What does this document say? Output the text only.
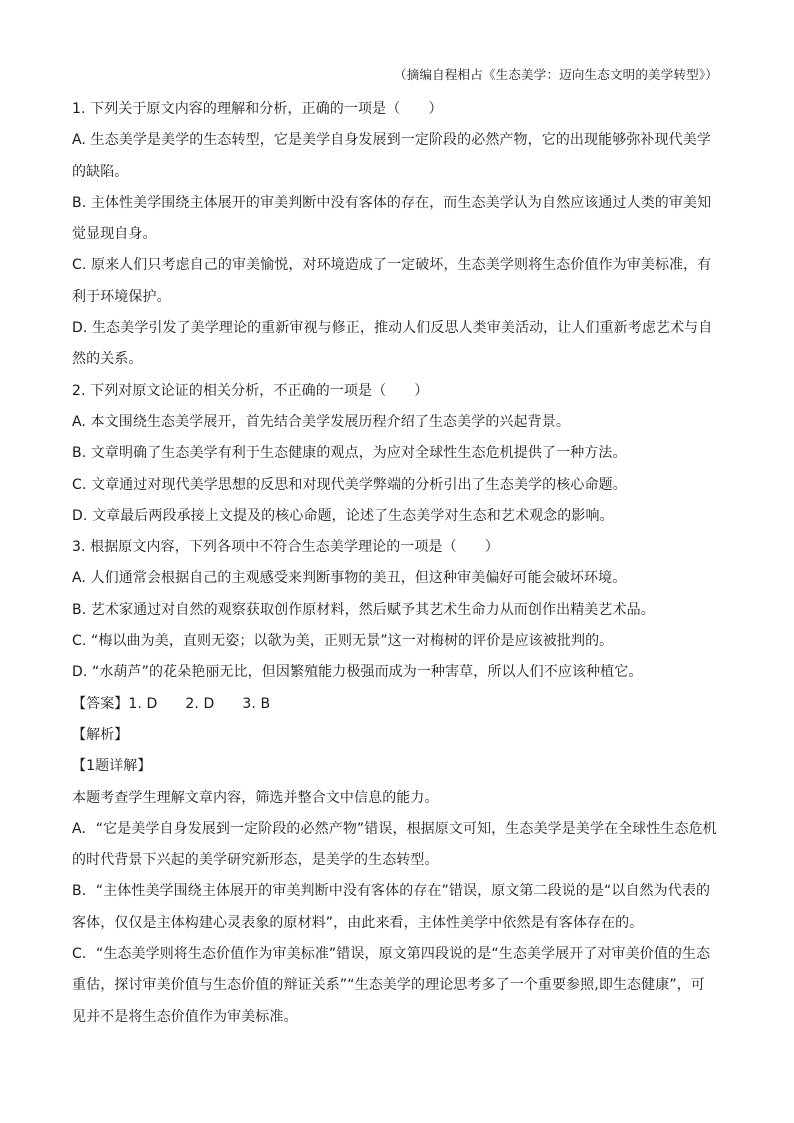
（摘编自程相占《生态美学：迈向生态文明的美学转型》）

1. 下列关于原文内容的理解和分析，正确的一项是（　　）

A. 生态美学是美学的生态转型，它是美学自身发展到一定阶段的必然产物，它的出现能够弥补现代美学

的缺陷。

B. 主体性美学围绕主体展开的审美判断中没有客体的存在，而生态美学认为自然应该通过人类的审美知

觉显现自身。

C. 原来人们只考虑自己的审美愉悦，对环境造成了一定破坏，生态美学则将生态价值作为审美标准，有

利于环境保护。

D. 生态美学引发了美学理论的重新审视与修正，推动人们反思人类审美活动，让人们重新考虑艺术与自

然的关系。

2. 下列对原文论证的相关分析，不正确的一项是（　　）

A. 本文围绕生态美学展开，首先结合美学发展历程介绍了生态美学的兴起背景。

B. 文章明确了生态美学有利于生态健康的观点，为应对全球性生态危机提供了一种方法。

C. 文章通过对现代美学思想的反思和对现代美学弊端的分析引出了生态美学的核心命题。

D. 文章最后两段承接上文提及的核心命题，论述了生态美学对生态和艺术观念的影响。

3. 根据原文内容，下列各项中不符合生态美学理论的一项是（　　）

A. 人们通常会根据自己的主观感受来判断事物的美丑，但这种审美偏好可能会破坏环境。

B. 艺术家通过对自然的观察获取创作原材料，然后赋予其艺术生命力从而创作出精美艺术品。

C. “梅以曲为美，直则无姿；以欹为美，正则无景”这一对梅树的评价是应该被批判的。

D. “水葫芦”的花朵艳丽无比，但因繁殖能力极强而成为一种害草，所以人们不应该种植它。

【答案】1. D 2. D 3. B

【解析】

【1题详解】

本题考查学生理解文章内容，筛选并整合文中信息的能力。

A．“它是美学自身发展到一定阶段的必然产物”错误，根据原文可知，生态美学是美学在全球性生态危机

的时代背景下兴起的美学研究新形态，是美学的生态转型。

B．“主体性美学围绕主体展开的审美判断中没有客体的存在”错误，原文第二段说的是“以自然为代表的

客体，仅仅是主体构建心灵表象的原材料”，由此来看，主体性美学中依然是有客体存在的。

C．“生态美学则将生态价值作为审美标准”错误，原文第四段说的是“生态美学展开了对审美价值的生态

重估，探讨审美价值与生态价值的辩证关系”“生态美学的理论思考多了一个重要参照,即生态健康”，可

见并不是将生态价值作为审美标准。
